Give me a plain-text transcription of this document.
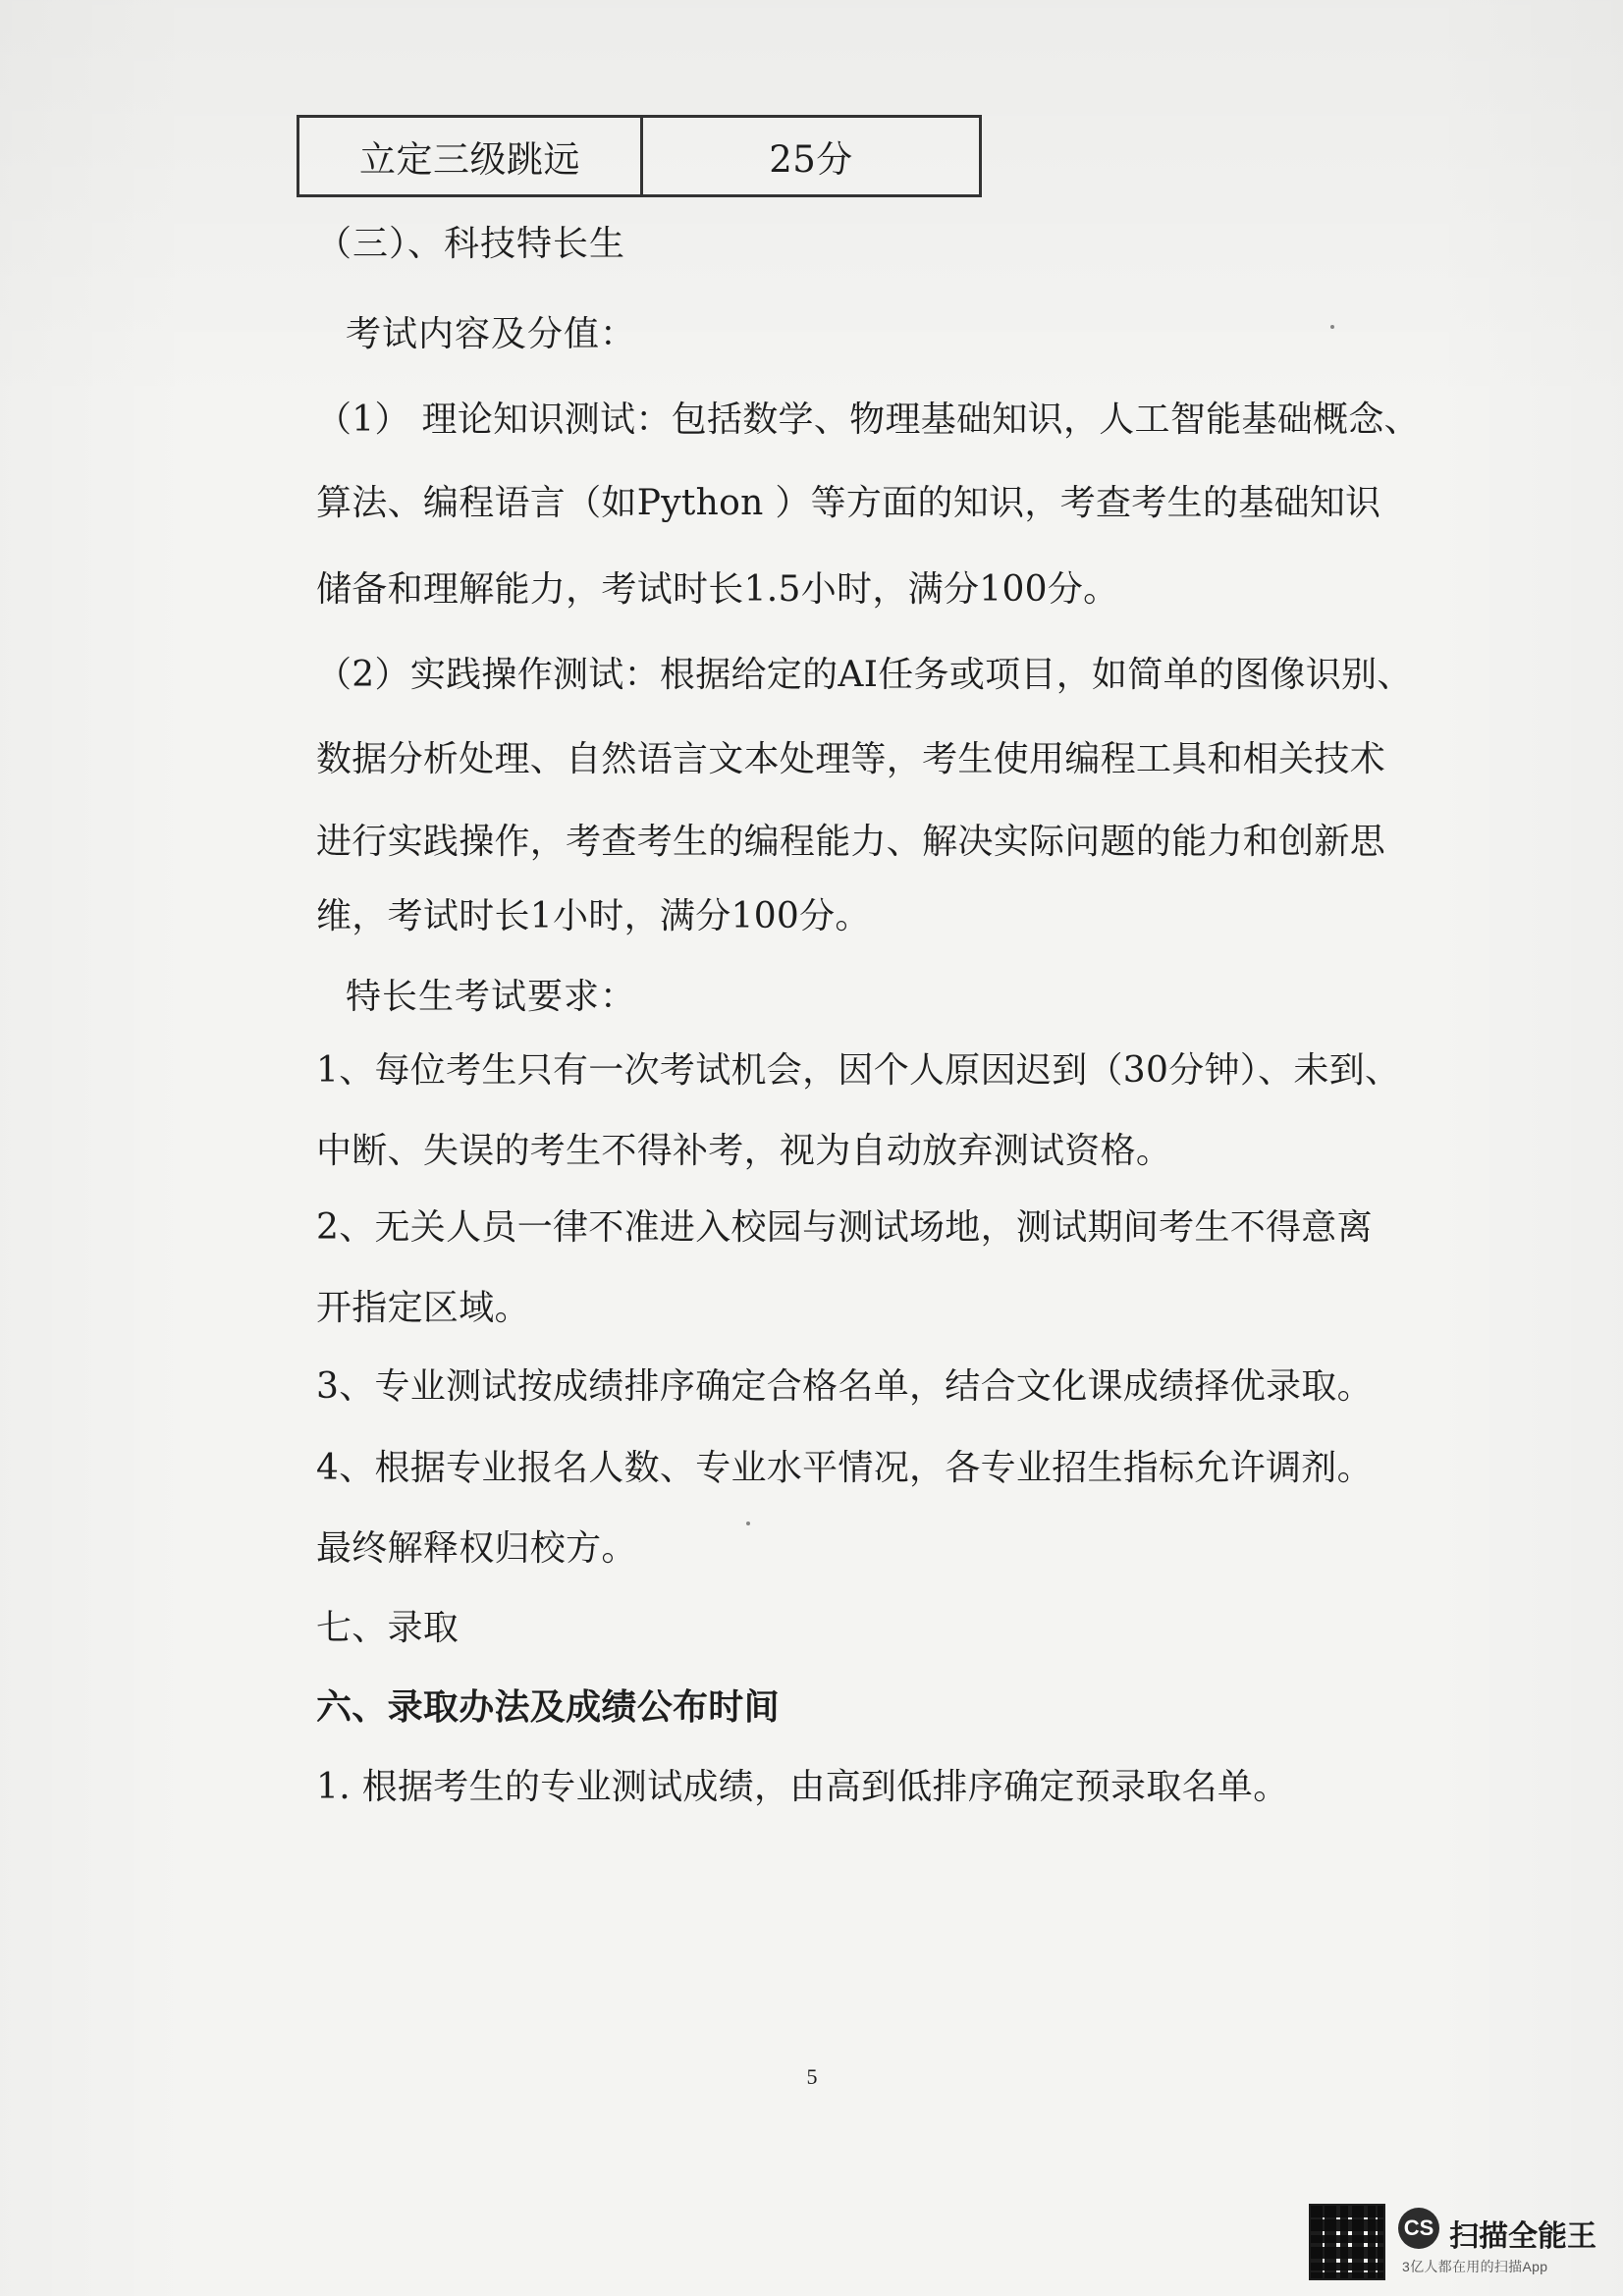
立定三级跳远	25分
（三）、科技特长生
考试内容及分值：
（1） 理论知识测试：包括数学、物理基础知识，人工智能基础概念、
算法、编程语言（如Python ）等方面的知识，考查考生的基础知识
储备和理解能力，考试时长1.5小时，满分100分。
（2）实践操作测试：根据给定的AI任务或项目，如简单的图像识别、
数据分析处理、自然语言文本处理等，考生使用编程工具和相关技术
进行实践操作，考查考生的编程能力、解决实际问题的能力和创新思
维，考试时长1小时，满分100分。
特长生考试要求：
1、每位考生只有一次考试机会，因个人原因迟到（30分钟）、未到、
中断、失误的考生不得补考，视为自动放弃测试资格。
2、无关人员一律不准进入校园与测试场地，测试期间考生不得意离
开指定区域。
3、专业测试按成绩排序确定合格名单，结合文化课成绩择优录取。
4、根据专业报名人数、专业水平情况，各专业招生指标允许调剂。
最终解释权归校方。
七、录取
六、录取办法及成绩公布时间
1. 根据考生的专业测试成绩，由高到低排序确定预录取名单。
5
CS 扫描全能王
3亿人都在用的扫描App
